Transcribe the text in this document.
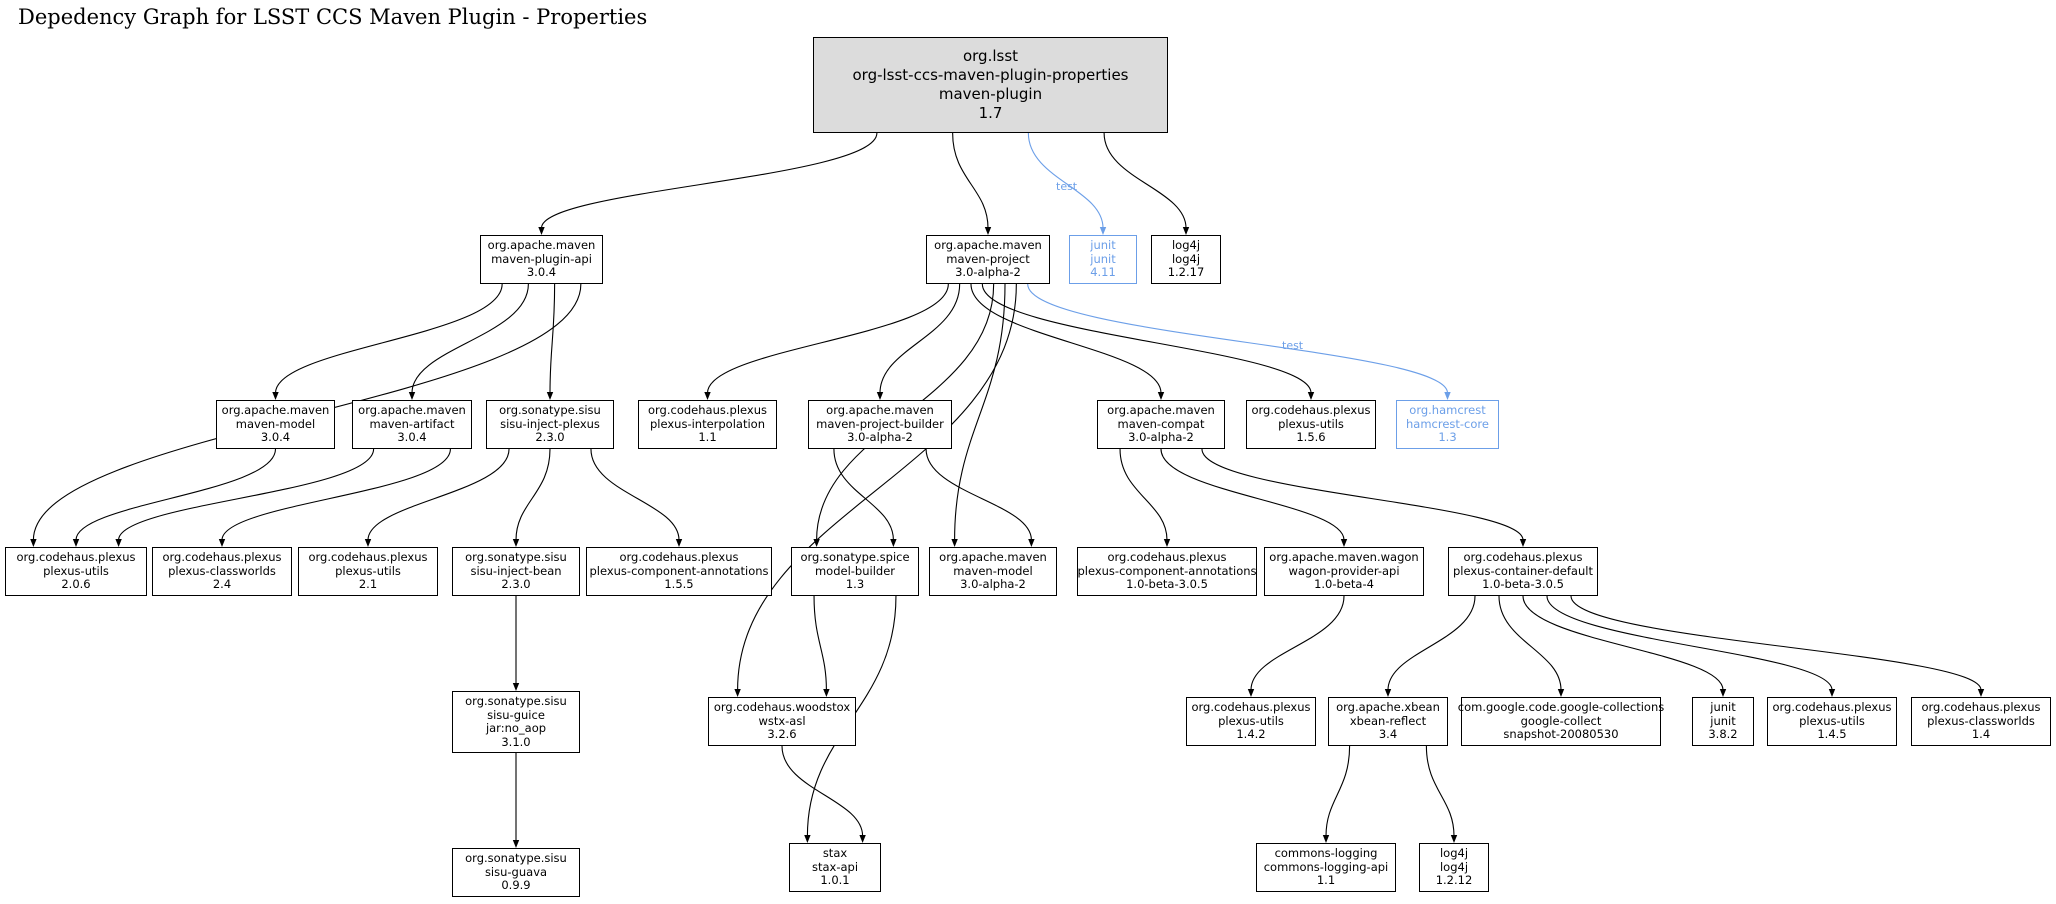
Depedency Graph for LSST CCS Maven Plugin - Properties
org.lsst
org-lsst-ccs-maven-plugin-properties
maven-plugin
1.7
org.apache.maven
maven-plugin-api
3.0.4
org.apache.maven
maven-project
3.0-alpha-2
junit
junit
4.11
log4j
log4j
1.2.17
org.apache.maven
maven-model
3.0.4
org.apache.maven
maven-artifact
3.0.4
org.sonatype.sisu
sisu-inject-plexus
2.3.0
org.codehaus.plexus
plexus-interpolation
1.1
org.apache.maven
maven-project-builder
3.0-alpha-2
org.apache.maven
maven-compat
3.0-alpha-2
org.codehaus.plexus
plexus-utils
1.5.6
org.hamcrest
hamcrest-core
1.3
org.codehaus.plexus
plexus-utils
2.0.6
org.codehaus.plexus
plexus-classworlds
2.4
org.codehaus.plexus
plexus-utils
2.1
org.sonatype.sisu
sisu-inject-bean
2.3.0
org.codehaus.plexus
plexus-component-annotations
1.5.5
org.sonatype.spice
model-builder
1.3
org.apache.maven
maven-model
3.0-alpha-2
org.codehaus.plexus
plexus-component-annotations
1.0-beta-3.0.5
org.apache.maven.wagon
wagon-provider-api
1.0-beta-4
org.codehaus.plexus
plexus-container-default
1.0-beta-3.0.5
org.codehaus.woodstox
wstx-asl
3.2.6
org.sonatype.sisu
sisu-guice
jar:no_aop
3.1.0
org.codehaus.plexus
plexus-utils
1.4.2
org.apache.xbean
xbean-reflect
3.4
com.google.code.google-collections
google-collect
snapshot-20080530
junit
junit
3.8.2
org.codehaus.plexus
plexus-utils
1.4.5
org.codehaus.plexus
plexus-classworlds
1.4
stax
stax-api
1.0.1
org.sonatype.sisu
sisu-guava
0.9.9
commons-logging
commons-logging-api
1.1
log4j
log4j
1.2.12
test
test
